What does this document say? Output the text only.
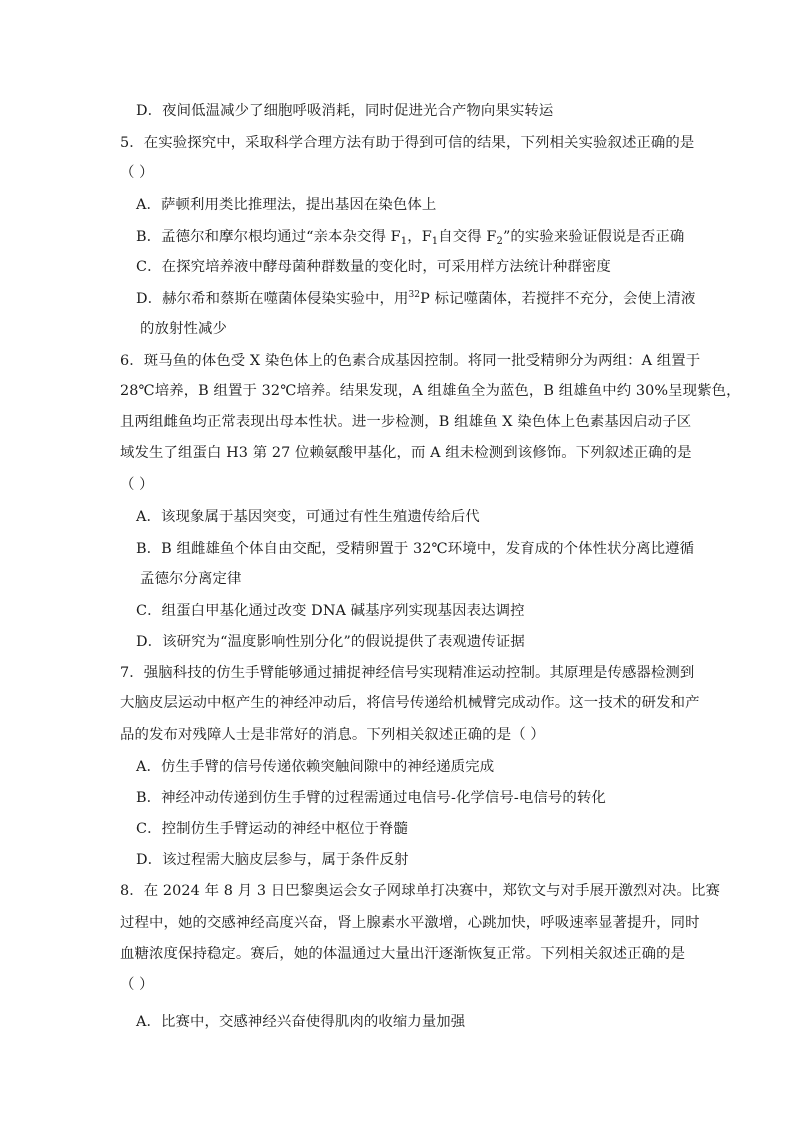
D．夜间低温减少了细胞呼吸消耗，同时促进光合产物向果实转运
5．在实验探究中，采取科学合理方法有助于得到可信的结果，下列相关实验叙述正确的是
（ ）
A．萨顿利用类比推理法，提出基因在染色体上
B．孟德尔和摩尔根均通过“亲本杂交得 $F_1$，$F_1$自交得 $F_2$”的实验来验证假说是否正确
C．在探究培养液中酵母菌种群数量的变化时，可采用样方法统计种群密度
D．赫尔希和蔡斯在噬菌体侵染实验中，用$^{32}$P 标记噬菌体，若搅拌不充分，会使上清液
的放射性减少
6．斑马鱼的体色受 X 染色体上的色素合成基因控制。将同一批受精卵分为两组：A 组置于
28℃培养，B 组置于 32℃培养。结果发现，A 组雄鱼全为蓝色，B 组雄鱼中约 30%呈现紫色，
且两组雌鱼均正常表现出母本性状。进一步检测，B 组雄鱼 X 染色体上色素基因启动子区
域发生了组蛋白 H3 第 27 位赖氨酸甲基化，而 A 组未检测到该修饰。下列叙述正确的是
（ ）
A．该现象属于基因突变，可通过有性生殖遗传给后代
B．B 组雌雄鱼个体自由交配，受精卵置于 32℃环境中，发育成的个体性状分离比遵循
孟德尔分离定律
C．组蛋白甲基化通过改变 DNA 碱基序列实现基因表达调控
D．该研究为“温度影响性别分化”的假说提供了表观遗传证据
7．强脑科技的仿生手臂能够通过捕捉神经信号实现精准运动控制。其原理是传感器检测到
大脑皮层运动中枢产生的神经冲动后，将信号传递给机械臂完成动作。这一技术的研发和产
品的发布对残障人士是非常好的消息。下列相关叙述正确的是（ ）
A．仿生手臂的信号传递依赖突触间隙中的神经递质完成
B．神经冲动传递到仿生手臂的过程需通过电信号-化学信号-电信号的转化
C．控制仿生手臂运动的神经中枢位于脊髓
D．该过程需大脑皮层参与，属于条件反射
8．在 2024 年 8 月 3 日巴黎奥运会女子网球单打决赛中，郑钦文与对手展开激烈对决。比赛
过程中，她的交感神经高度兴奋，肾上腺素水平激增，心跳加快，呼吸速率显著提升，同时
血糖浓度保持稳定。赛后，她的体温通过大量出汗逐渐恢复正常。下列相关叙述正确的是
（ ）
A．比赛中，交感神经兴奋使得肌肉的收缩力量加强
